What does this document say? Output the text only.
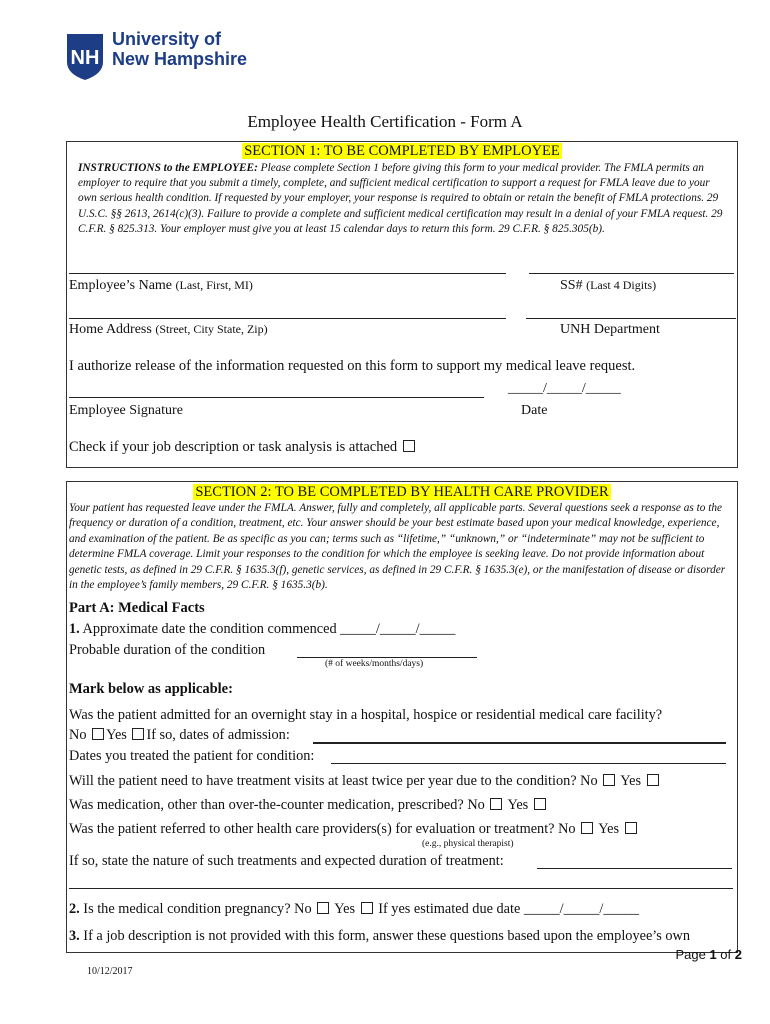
NH
University of
New Hampshire
Employee Health Certification - Form A
SECTION 1: TO BE COMPLETED BY EMPLOYEE
INSTRUCTIONS to the EMPLOYEE: Please complete Section 1 before giving this form to your medical provider. The FMLA permits an employer to require that you submit a timely, complete, and sufficient medical certification to support a request for FMLA leave due to your own serious health condition. If requested by your employer, your response is required to obtain or retain the benefit of FMLA protections. 29 U.S.C. §§ 2613, 2614(c)(3). Failure to provide a complete and sufficient medical certification may result in a denial of your FMLA request. 29 C.F.R. § 825.313. Your employer must give you at least 15 calendar days to return this form. 29 C.F.R. § 825.305(b).
Employee’s Name (Last, First, MI)	SS# (Last 4 Digits)
Home Address (Street, City State, Zip)	UNH Department
I authorize release of the information requested on this form to support my medical leave request.
_____/_____/_____
Employee Signature	Date
Check if your job description or task analysis is attached
SECTION 2: TO BE COMPLETED BY HEALTH CARE PROVIDER
Your patient has requested leave under the FMLA. Answer, fully and completely, all applicable parts. Several questions seek a response as to the frequency or duration of a condition, treatment, etc. Your answer should be your best estimate based upon your medical knowledge, experience, and examination of the patient. Be as specific as you can; terms such as “lifetime,” “unknown,” or “indeterminate” may not be sufficient to determine FMLA coverage. Limit your responses to the condition for which the employee is seeking leave. Do not provide information about genetic tests, as defined in 29 C.F.R. § 1635.3(f), genetic services, as defined in 29 C.F.R. § 1635.3(e), or the manifestation of disease or disorder in the employee’s family members, 29 C.F.R. § 1635.3(b).
Part A: Medical Facts
1. Approximate date the condition commenced _____/_____/_____
Probable duration of the condition
(# of weeks/months/days)
Mark below as applicable:
Was the patient admitted for an overnight stay in a hospital, hospice or residential medical care facility?
No Yes If so, dates of admission:
Dates you treated the patient for condition:
Will the patient need to have treatment visits at least twice per year due to the condition? No Yes
Was medication, other than over-the-counter medication, prescribed? No Yes
Was the patient referred to other health care providers(s) for evaluation or treatment? No Yes
(e.g., physical therapist)
If so, state the nature of such treatments and expected duration of treatment:
2. Is the medical condition pregnancy? No Yes If yes estimated due date _____/_____/_____
3. If a job description is not provided with this form, answer these questions based upon the employee’s own
Page 1 of 2
10/12/2017
